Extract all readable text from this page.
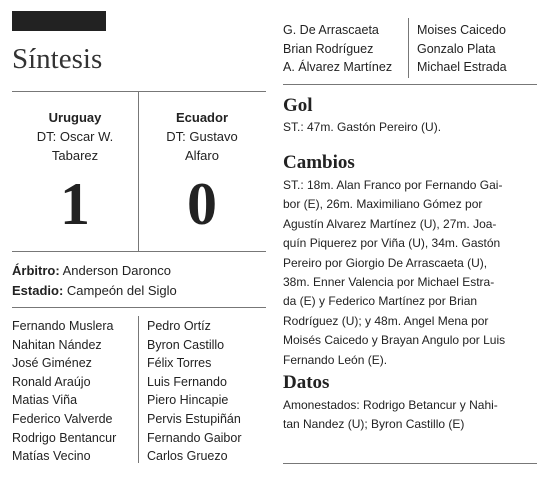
Síntesis
Uruguay
DT: Oscar W.
Tabarez
Ecuador
DT: Gustavo
Alfaro
1	0
Árbitro: Anderson Daronco
Estadio: Campeón del Siglo
Fernando Muslera
Nahitan Nández
José Giménez
Ronald Araújo
Matias Viña
Federico Valverde
Rodrigo Bentancur
Matías Vecino
Pedro Ortíz
Byron Castillo
Félix Torres
Luis Fernando
Piero Hincapie
Pervis Estupiñán
Fernando Gaibor
Carlos Gruezo
G. De Arrascaeta
Brian Rodríguez
A. Álvarez Martínez
Moises Caicedo
Gonzalo Plata
Michael Estrada
Gol
ST.: 47m. Gastón Pereiro (U).
Cambios
ST.: 18m. Alan Franco por Fernando Gai-
bor (E), 26m. Maximiliano Gómez por
Agustín Alvarez Martínez (U), 27m. Joa-
quín Piquerez por Viña (U), 34m. Gastón
Pereiro por Giorgio De Arrascaeta (U),
38m. Enner Valencia por Michael Estra-
da (E) y Federico Martínez por Brian
Rodríguez (U); y 48m. Angel Mena por
Moisés Caicedo y Brayan Angulo por Luis
Fernando León (E).
Datos
Amonestados: Rodrigo Betancur y Nahi-
tan Nandez (U); Byron Castillo (E)
